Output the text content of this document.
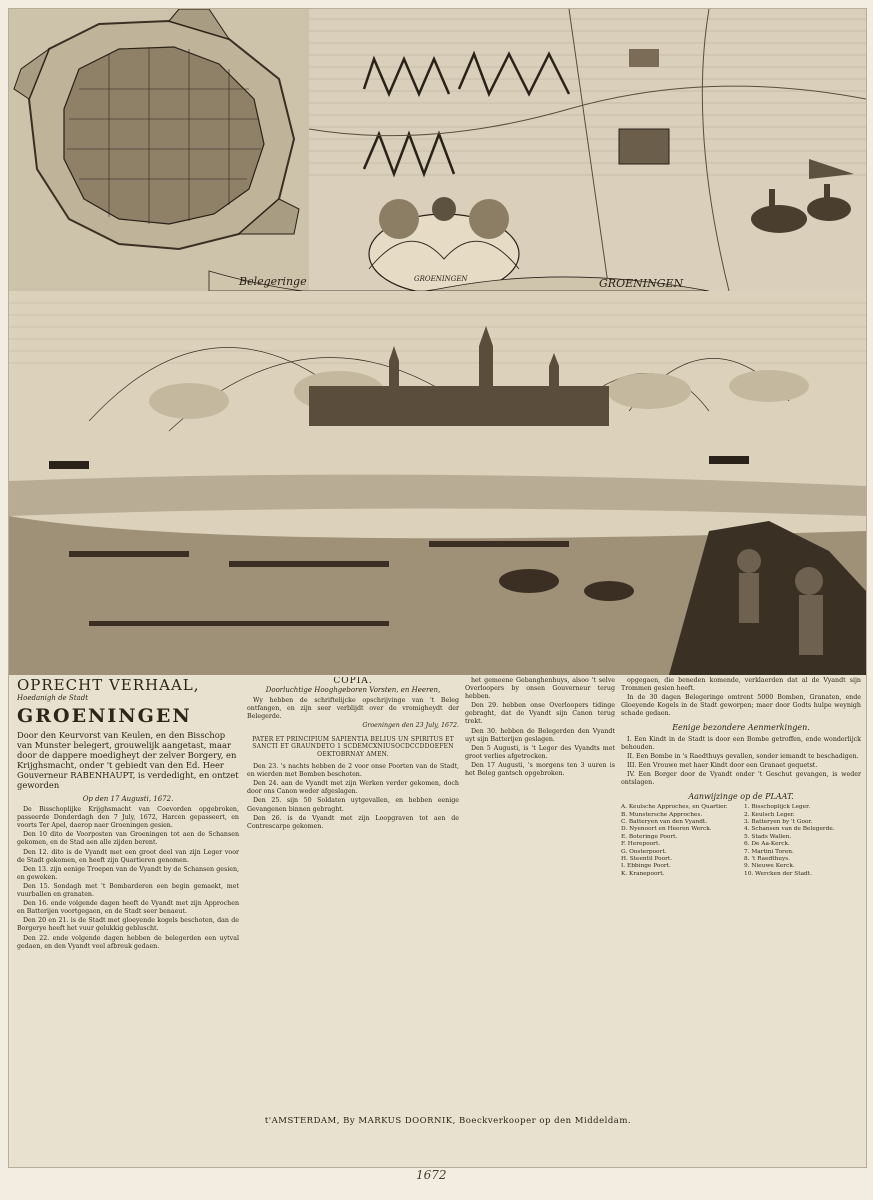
Belegeringe	GROENINGEN	GROENINGEN
OPRECHT VERHAAL,
Hoedanigh de Stadt
GROENINGEN
Door den Keurvorst van Keulen, en den Bisschop van Munster belegert, grouwelijk aangetast, maar door de dappere moedigheyt der zelver Borgery, en Krijghsmacht, onder 't gebiedt van den Ed. Heer Gouverneur RABENHAUPT, is verdedight, en ontzet geworden
Op den 17 Augusti, 1672.

De Bisschoplijke Krijghsmacht van Coevorden opgebroken, passeerde Donderdagh den 7 July, 1672, Harcen gepasseert, en voorts Ter Apel, daerop naer Groeningen gesien.

Den 10 dito de Voorposten van Groeningen tot aen de Schansen gekomen, en de Stad aen alle zijden berent.

Den 12. dito is de Vyandt met een groot deel van zijn Leger voor de Stadt gekomen, en heeft zijn Quartieren genomen.

Den 13. zijn eenige Troepen van de Vyandt by de Schansen gesien, en geweken.

Den 15. Sondagh met 't Bombarderen een begin gemaekt, met vuurballen en granaten.

Den 16. ende volgende dagen heeft de Vyandt met zijn Approchen en Batterijen voortgegaen, en de Stadt seer benaeut.

Den 20 en 21. is de Stadt met gloeyende kogels beschoten, dan de Borgerye heeft het vuur gelukkig gebluscht.

Den 22. ende volgende dagen hebben de belegerden een uytval gedaen, en den Vyandt veel afbreuk gedaen.

COPIA.
Doorluchtige Hooghgeboren Vorsten, en Heeren,

Wy hebben de schriftelijcke opschrijvinge van 't Beleg ontfangen, en zijn seer verblijdt over de vromigheydt der Belegerde.

Groeningen den 23 July, 1672.

PATER ET PRINCIPIUM SAPIENTIA BELIUS UN SPIRITUS ET SANCTI ET GRAUNDETO 1 SCDEMCXNIUSOCDCCDDOEFEN OEKTOBRNAY AMEN.

Den 23. 's nachts hebben de 2 voor onse Poorten van de Stadt, en wierden met Bomben beschoten.

Den 24. aan de Vyandt met zijn Werken verder gekomen, doch door ons Canon weder afgeslagen.

Den 25. sijn 50 Soldaten uytgevallen, en hebben eenige Gevangenen binnen gebraght.

Den 26. is de Vyandt met zijn Loopgraven tot aen de Contrescarpe gekomen.

het gemeene Gebanghenhuys, alsoo 't selve Overloopers by onsen Gouverneur terug hebben.

Den 29. hebben onse Overloopers tidinge gebraght, dat de Vyandt sijn Canon terug trekt.

Den 30. hebben de Belegerden den Vyandt uyt sijn Batterijen geslagen.

Den 5 Augusti, is 't Leger des Vyandts met groot verlies afgetrocken.

Den 17 Augusti, 's morgens ten 3 uuren is het Beleg gantsch opgebroken.

opgegaen, die beneden komende, verklaerden dat al de Vyandt sijn Trommen gesien heeft.

In de 30 dagen Belegeringe omtrent 5000 Bomben, Granaten, ende Gloeyende Kogels in de Stadt geworpen; maer door Godts hulpe weynigh schade gedaen.

Eenige bezondere Aenmerkingen.

I. Een Kindt in de Stadt is door een Bombe getroffen, ende wonderlijck behouden.

II. Een Bombe in 's Raedthuys gevallen, sonder iemandt te beschadigen.

III. Een Vrouwe met haer Kindt door een Granaet gequetst.

IV. Een Borger door de Vyandt onder 't Geschut gevangen, is weder ontslagen.

Aanwijzinge op de PLAAT.
A. Keulsche Approches, en Quartier.
B. Munstersche Approches.
C. Batteryen van den Vyandt.
D. Nyenoort en Heeren Werck.
E. Boteringe Poort.
F. Herepoort.
G. Oosterpoort.
H. Steentil Poort.
I. Ebbinge Poort.
K. Kranepoort.
1. Bisschoplijck Leger.
2. Keulsch Leger.
3. Batteryen by 't Goor.
4. Schansen van de Belegerde.
5. Stads Wallen.
6. De Aa-Kerck.
7. Martini Toren.
8. 't Raedthuys.
9. Nieuwe Kerck.
10. Wercken der Stadt.
t'AMSTERDAM, By MARKUS DOORNIK, Boeckverkooper op den Middeldam.
1672
